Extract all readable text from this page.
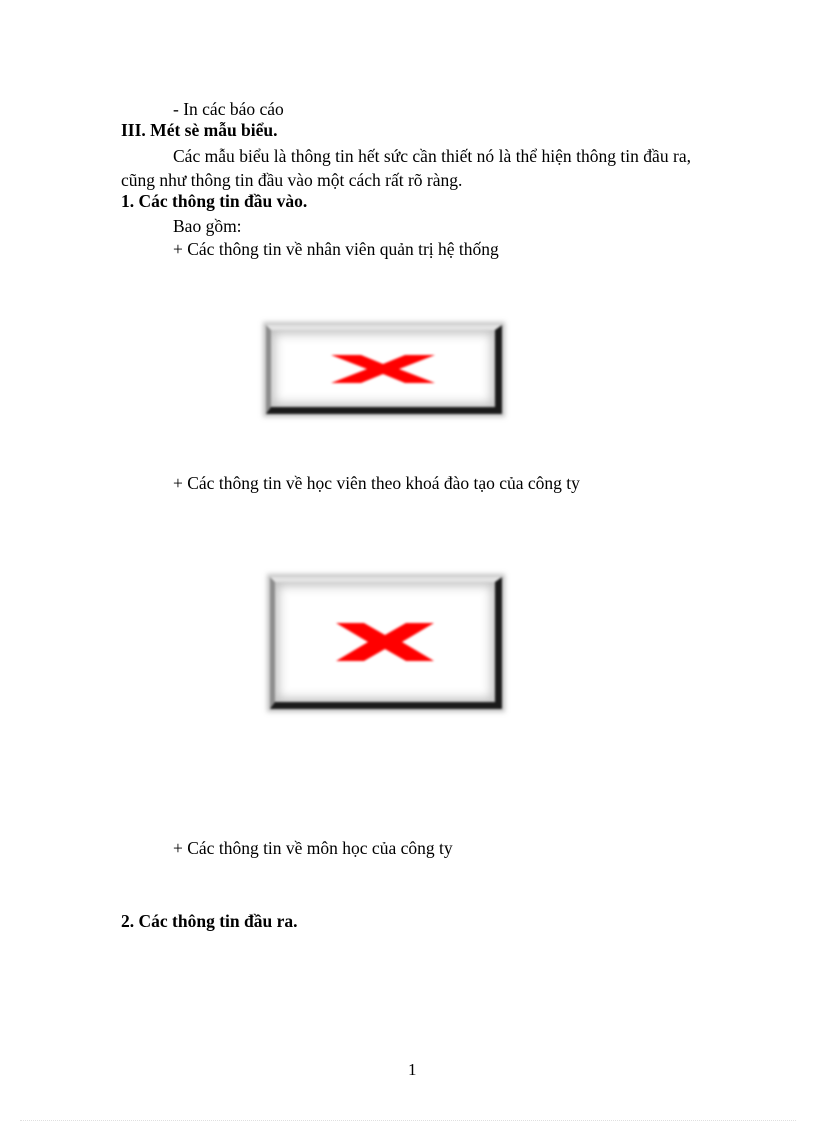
- In các báo cáo
III. Mét sè mẫu biểu.
Các mẫu biểu là thông tin hết sức cần thiết nó là thể hiện thông tin đầu ra, cũng như thông tin đầu vào một cách rất rõ ràng.
1. Các thông tin đầu vào.
Bao gồm:
+ Các thông tin về nhân viên quản trị hệ thống
+ Các thông tin về học viên theo khoá đào tạo của công ty
+ Các thông tin về môn học của công ty
2. Các thông tin đầu ra.
1
